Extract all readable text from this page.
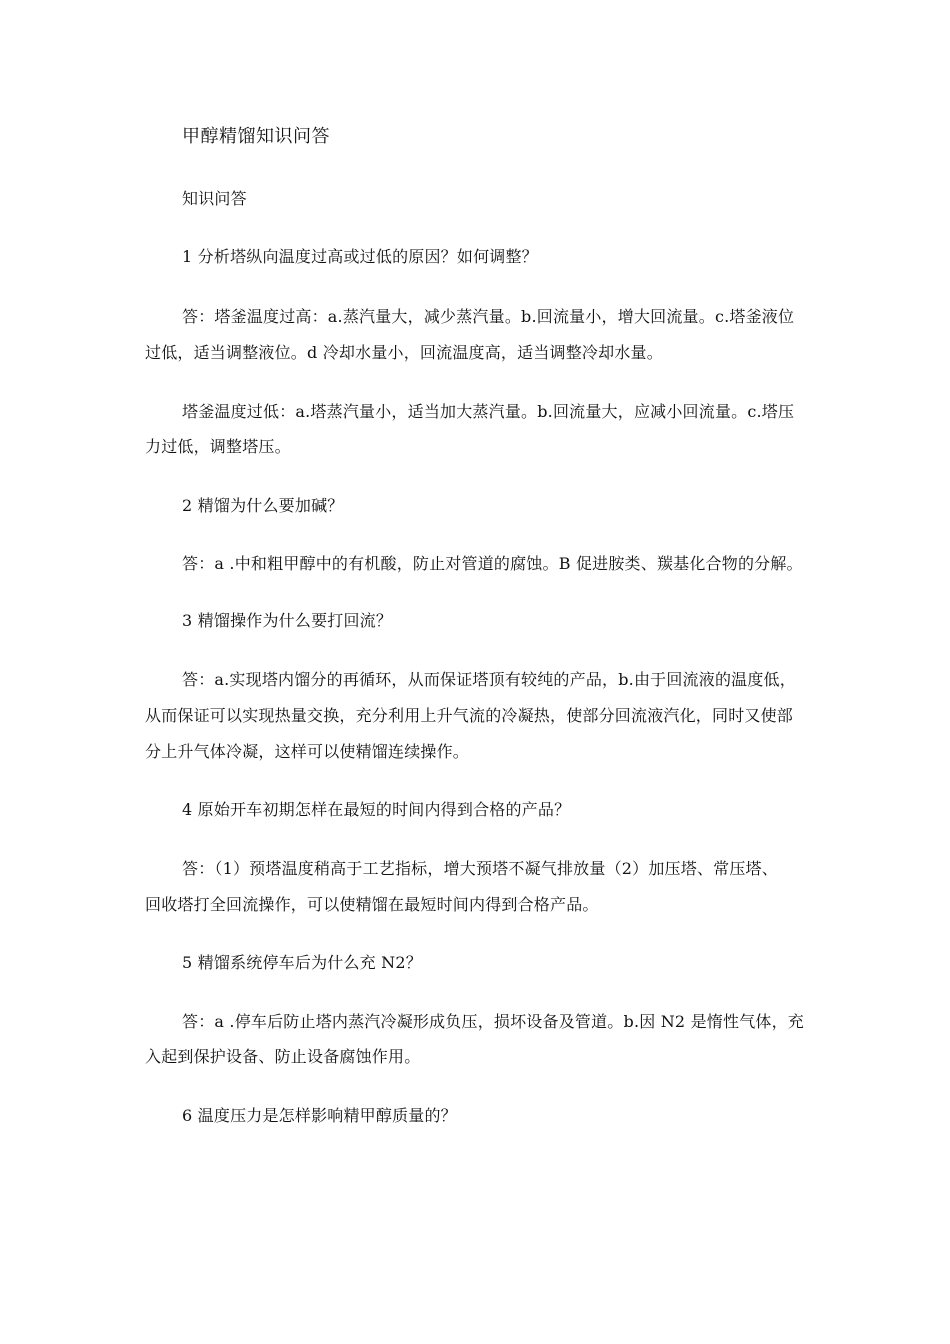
甲醇精馏知识问答
知识问答
1 分析塔纵向温度过高或过低的原因？如何调整？
答：塔釜温度过高：a.蒸汽量大，减少蒸汽量。b.回流量小，增大回流量。c.塔釜液位
过低，适当调整液位。d 冷却水量小，回流温度高，适当调整冷却水量。
塔釜温度过低：a.塔蒸汽量小，适当加大蒸汽量。b.回流量大，应减小回流量。c.塔压
力过低，调整塔压。
2 精馏为什么要加碱？
答：a .中和粗甲醇中的有机酸，防止对管道的腐蚀。B 促进胺类、羰基化合物的分解。
3 精馏操作为什么要打回流？
答：a.实现塔内馏分的再循环，从而保证塔顶有较纯的产品，b.由于回流液的温度低，
从而保证可以实现热量交换，充分利用上升气流的冷凝热，使部分回流液汽化，同时又使部
分上升气体冷凝，这样可以使精馏连续操作。
4 原始开车初期怎样在最短的时间内得到合格的产品？
答：（1）预塔温度稍高于工艺指标，增大预塔不凝气排放量（2）加压塔、常压塔、
回收塔打全回流操作，可以使精馏在最短时间内得到合格产品。
5 精馏系统停车后为什么充 N2？
答：a .停车后防止塔内蒸汽冷凝形成负压，损坏设备及管道。b.因 N2 是惰性气体，充
入起到保护设备、防止设备腐蚀作用。
6 温度压力是怎样影响精甲醇质量的？
